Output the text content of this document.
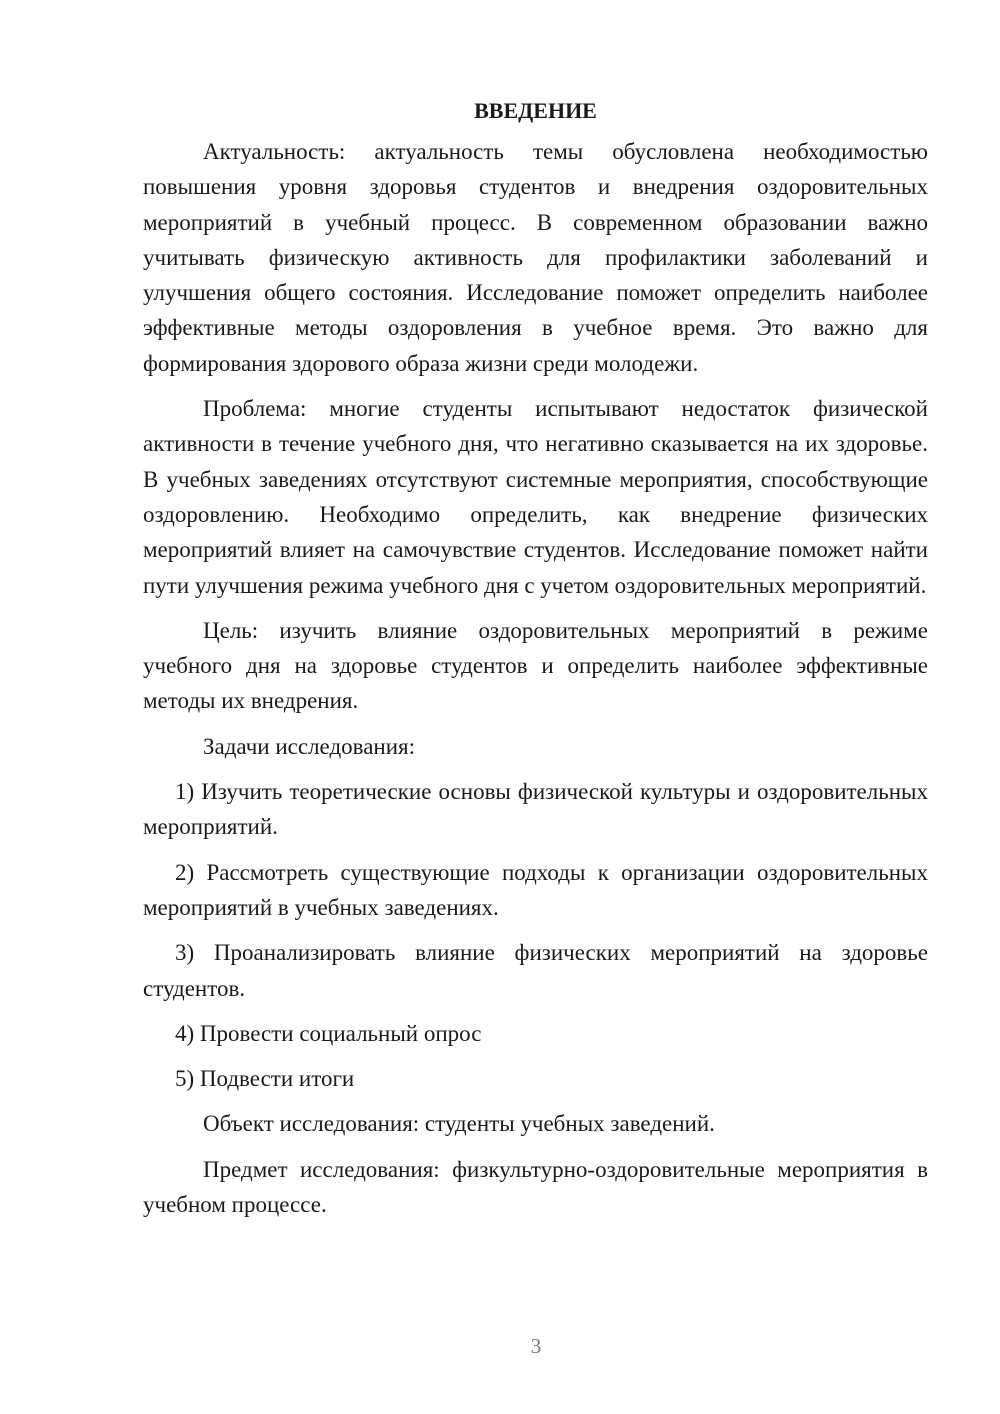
ВВЕДЕНИЕ

Актуальность: актуальность темы обусловлена необходимостью повышения уровня здоровья студентов и внедрения оздоровительных мероприятий в учебный процесс. В современном образовании важно учитывать физическую активность для профилактики заболеваний и улучшения общего состояния. Исследование поможет определить наиболее эффективные методы оздоровления в учебное время. Это важно для формирования здорового образа жизни среди молодежи.

Проблема: многие студенты испытывают недостаток физической активности в течение учебного дня, что негативно сказывается на их здоровье. В учебных заведениях отсутствуют системные мероприятия, способствующие оздоровлению. Необходимо определить, как внедрение физических мероприятий влияет на самочувствие студентов. Исследование поможет найти пути улучшения режима учебного дня с учетом оздоровительных мероприятий.

Цель: изучить влияние оздоровительных мероприятий в режиме учебного дня на здоровье студентов и определить наиболее эффективные методы их внедрения.

Задачи исследования:

1) Изучить теоретические основы физической культуры и оздоровительных мероприятий.

2) Рассмотреть существующие подходы к организации оздоровительных мероприятий в учебных заведениях.

3) Проанализировать влияние физических мероприятий на здоровье студентов.

4) Провести социальный опрос

5) Подвести итоги

Объект исследования: студенты учебных заведений.

Предмет исследования: физкультурно-оздоровительные мероприятия в учебном процессе.

3
